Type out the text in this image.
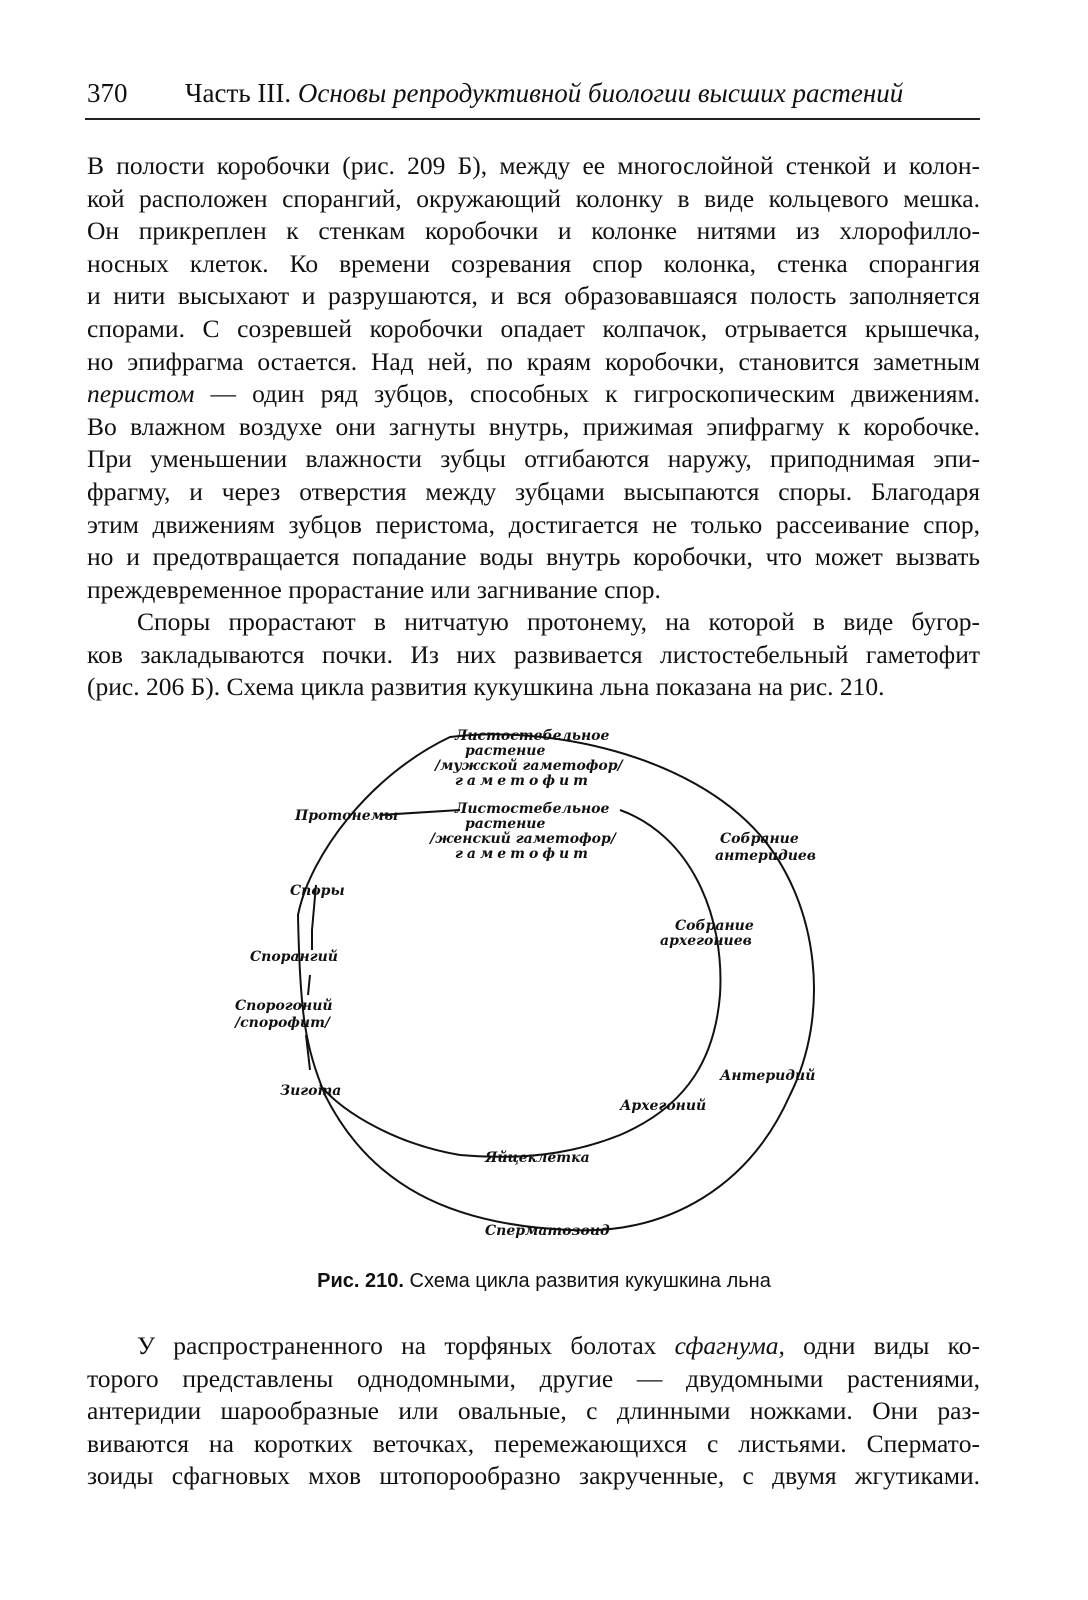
370 Часть III. Основы репродуктивной биологии высших растений

В полости коробочки (рис. 209 Б), между ее многослойной стенкой и колон-
кой расположен спорангий, окружающий колонку в виде кольцевого мешка.
Он прикреплен к стенкам коробочки и колонке нитями из хлорофилло-
носных клеток. Ко времени созревания спор колонка, стенка спорангия
и нити высыхают и разрушаются, и вся образовавшаяся полость заполняется
спорами. С созревшей коробочки опадает колпачок, отрывается крышечка,
но эпифрагма остается. Над ней, по краям коробочки, становится заметным
перистом — один ряд зубцов, способных к гигроскопическим движениям.
Во влажном воздухе они загнуты внутрь, прижимая эпифрагму к коробочке.
При уменьшении влажности зубцы отгибаются наружу, приподнимая эпи-
фрагму, и через отверстия между зубцами высыпаются споры. Благодаря
этим движениям зубцов перистома, достигается не только рассеивание спор,
но и предотвращается попадание воды внутрь коробочки, что может вызвать
преждевременное прорастание или загнивание спор.

Споры прорастают в нитчатую протонему, на которой в виде бугор-
ков закладываются почки. Из них развивается листостебельный гаметофит
(рис. 206 Б). Схема цикла развития кукушкина льна показана на рис. 210.

Листостебельное
растение
/мужской гаметофор/
гаметофит
Протонемы	Листостебельное
растение
/женский гаметофор/
гаметофит
Собрание
антеридиев
Собрание
архегониев
Споры
Спорангий
Спорогоний
/спорофит/
Зигота
Антеридий
Архегоний
Яйцеклетка
Сперматозоид
Рис. 210. Схема цикла развития кукушкина льна

У распространенного на торфяных болотах сфагнума, одни виды ко-
торого представлены однодомными, другие — двудомными растениями,
антеридии шарообразные или овальные, с длинными ножками. Они раз-
виваются на коротких веточках, перемежающихся с листьями. Сперматo-
зоиды сфагновых мхов штопорообразно закрученные, с двумя жгутиками.
